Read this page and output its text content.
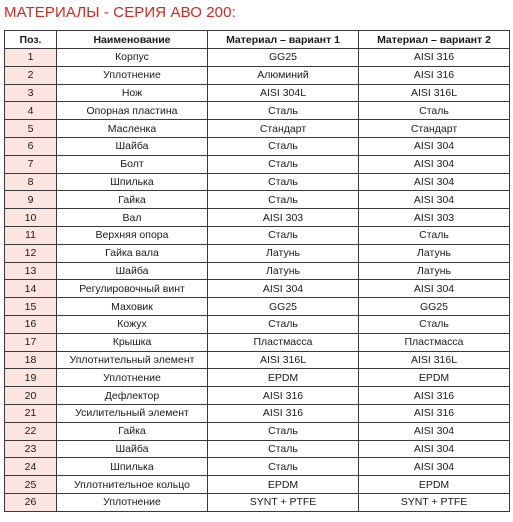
МАТЕРИАЛЫ - СЕРИЯ АВО 200:
Поз.	Наименование	Материал – вариант 1	Материал – вариант 2
1	Корпус	GG25	AISI 316
2	Уплотнение	Алюминий	AISI 316
3	Нож	AISI 304L	AISI 316L
4	Опорная пластина	Сталь	Сталь
5	Масленка	Стандарт	Стандарт
6	Шайба	Сталь	AISI 304
7	Болт	Сталь	AISI 304
8	Шпилька	Сталь	AISI 304
9	Гайка	Сталь	AISI 304
10	Вал	AISI 303	AISI 303
11	Верхняя опора	Сталь	Сталь
12	Гайка вала	Латунь	Латунь
13	Шайба	Латунь	Латунь
14	Регулировочный винт	AISI 304	AISI 304
15	Маховик	GG25	GG25
16	Кожух	Сталь	Сталь
17	Крышка	Пластмасса	Пластмасса
18	Уплотнительный элемент	AISI 316L	AISI 316L
19	Уплотнение	EPDM	EPDM
20	Дефлектор	AISI 316	AISI 316
21	Усилительный элемент	AISI 316	AISI 316
22	Гайка	Сталь	AISI 304
23	Шайба	Сталь	AISI 304
24	Шпилька	Сталь	AISI 304
25	Уплотнительное кольцо	EPDM	EPDM
26	Уплотнение	SYNT + PTFE	SYNT + PTFE
